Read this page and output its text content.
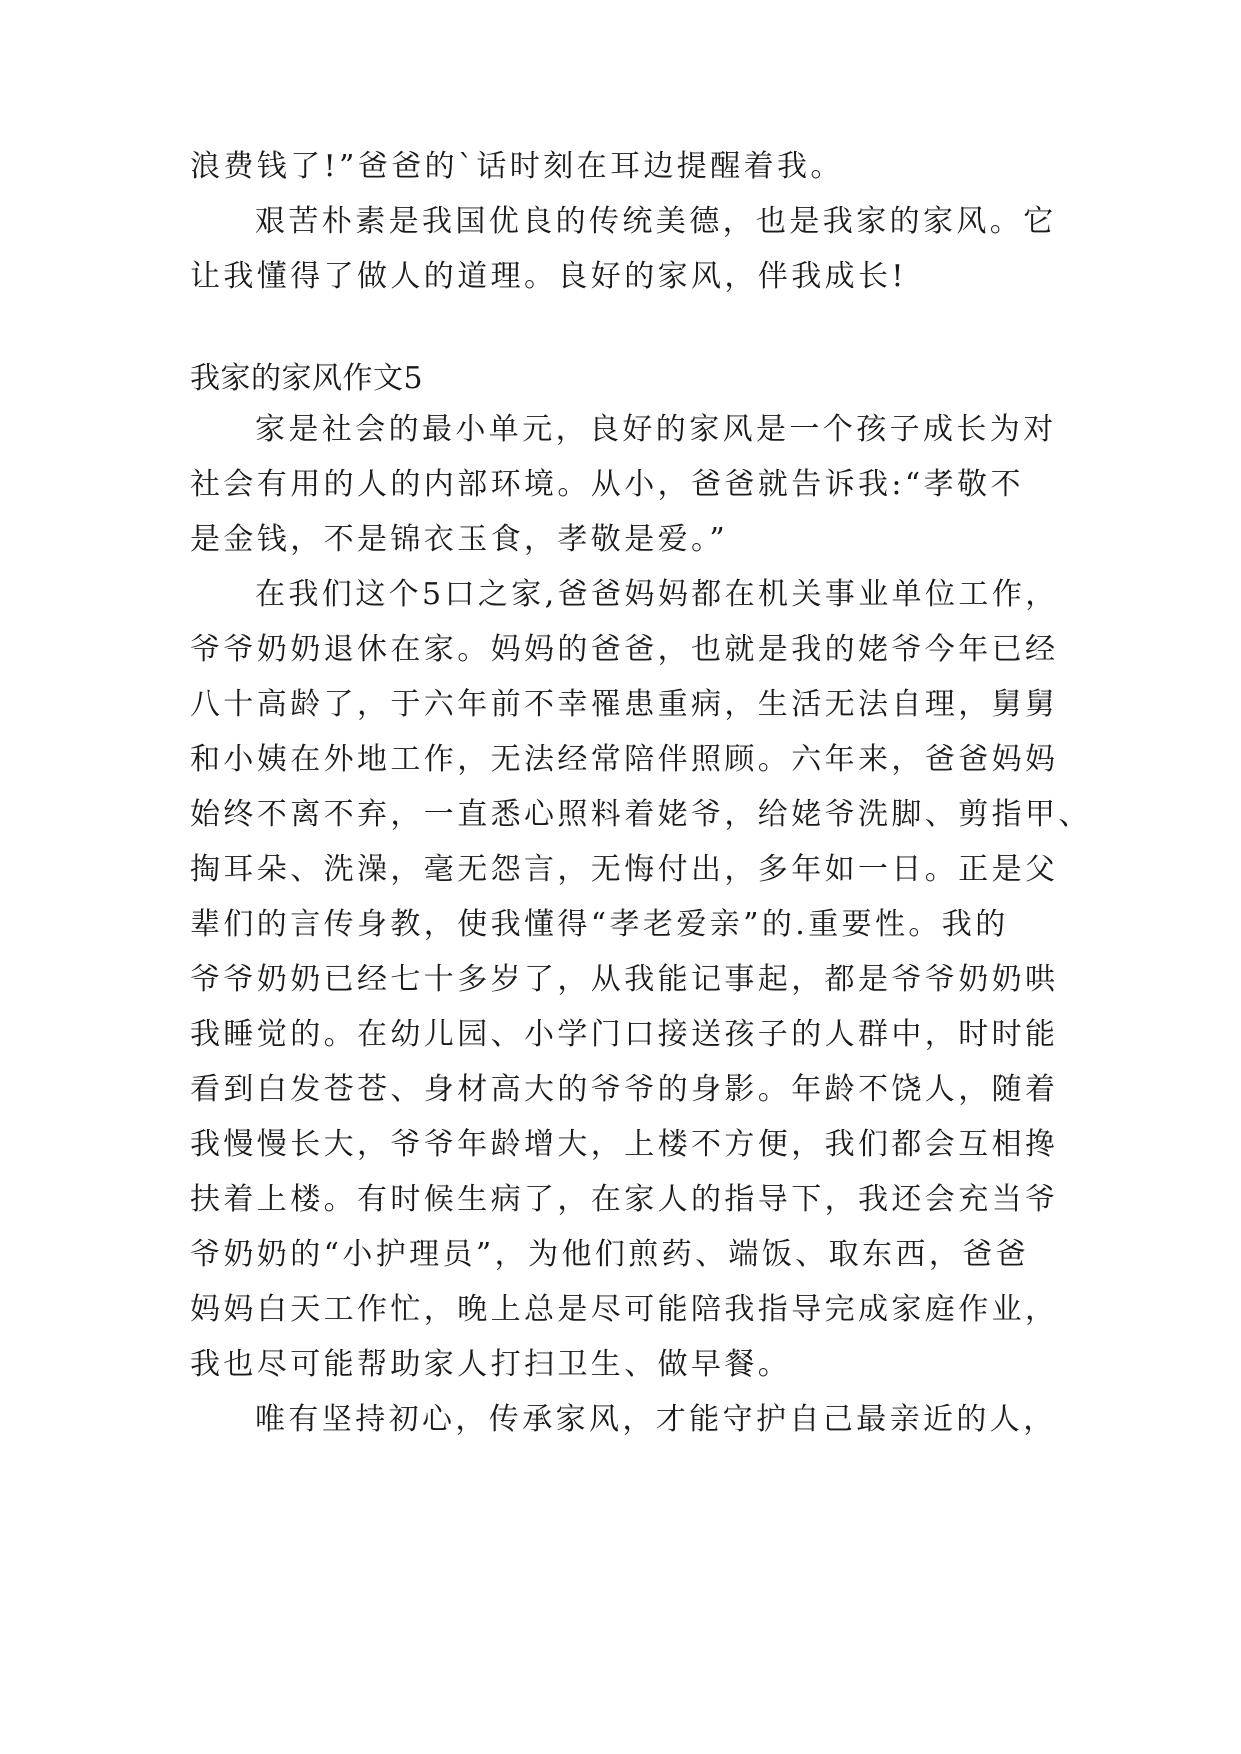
浪费钱了!”爸爸的`话时刻在耳边提醒着我。
艰苦朴素是我国优良的传统美德，也是我家的家风。它
让我懂得了做人的道理。良好的家风，伴我成长!
我家的家风作文5
家是社会的最小单元，良好的家风是一个孩子成长为对
社会有用的人的内部环境。从小，爸爸就告诉我:“孝敬不
是金钱，不是锦衣玉食，孝敬是爱。”
在我们这个5口之家,爸爸妈妈都在机关事业单位工作，
爷爷奶奶退休在家。妈妈的爸爸，也就是我的姥爷今年已经
八十高龄了，于六年前不幸罹患重病，生活无法自理，舅舅
和小姨在外地工作，无法经常陪伴照顾。六年来，爸爸妈妈
始终不离不弃，一直悉心照料着姥爷，给姥爷洗脚、剪指甲、
掏耳朵、洗澡，毫无怨言，无悔付出，多年如一日。正是父
辈们的言传身教，使我懂得“孝老爱亲”的.重要性。我的
爷爷奶奶已经七十多岁了，从我能记事起，都是爷爷奶奶哄
我睡觉的。在幼儿园、小学门口接送孩子的人群中，时时能
看到白发苍苍、身材高大的爷爷的身影。年龄不饶人，随着
我慢慢长大，爷爷年龄增大，上楼不方便，我们都会互相搀
扶着上楼。有时候生病了，在家人的指导下，我还会充当爷
爷奶奶的“小护理员”，为他们煎药、端饭、取东西，爸爸
妈妈白天工作忙，晚上总是尽可能陪我指导完成家庭作业，
我也尽可能帮助家人打扫卫生、做早餐。
唯有坚持初心，传承家风，才能守护自己最亲近的人，
